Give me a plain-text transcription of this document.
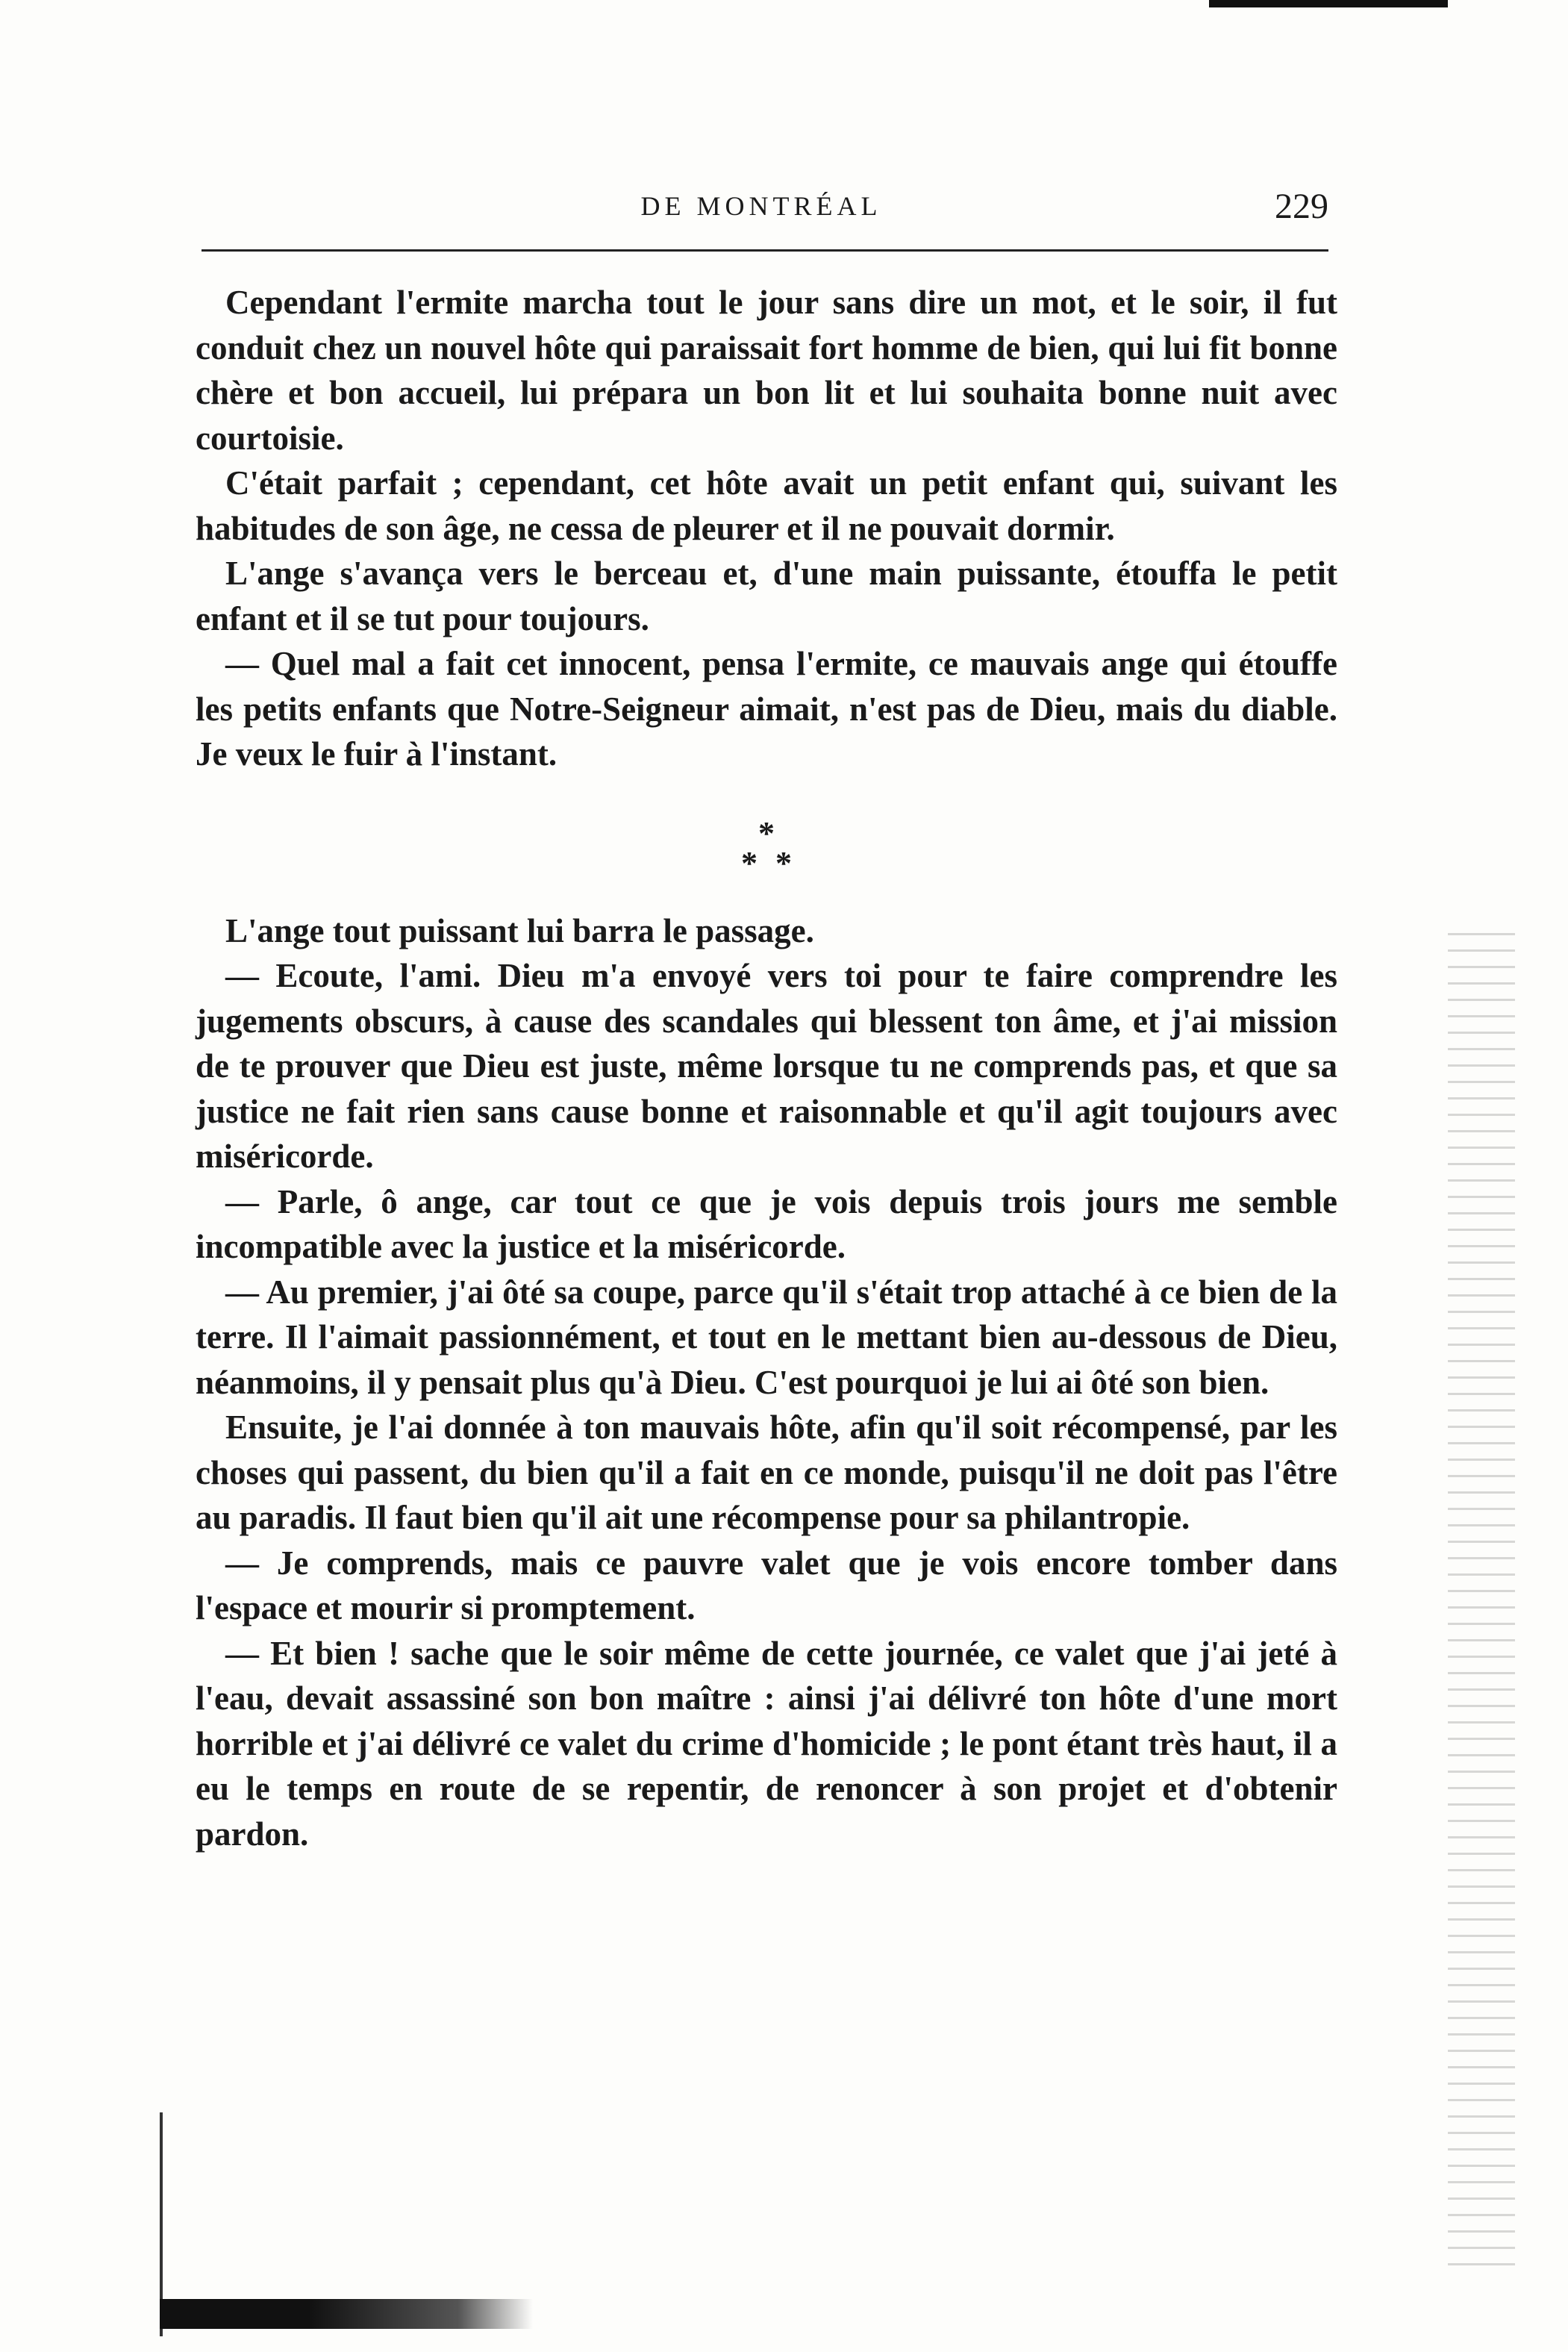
DE MONTRÉAL	229

Cependant l'ermite marcha tout le jour sans dire un mot, et le soir, il fut conduit chez un nouvel hôte qui paraissait fort homme de bien, qui lui fit bonne chère et bon accueil, lui prépara un bon lit et lui souhaita bonne nuit avec courtoisie.

C'était parfait ; cependant, cet hôte avait un petit enfant qui, suivant les habitudes de son âge, ne cessa de pleurer et il ne pouvait dormir.

L'ange s'avança vers le berceau et, d'une main puissante, étouffa le petit enfant et il se tut pour toujours.

— Quel mal a fait cet innocent, pensa l'ermite, ce mauvais ange qui étouffe les petits enfants que Notre-Seigneur aimait, n'est pas de Dieu, mais du diable. Je veux le fuir à l'instant.

*
**

L'ange tout puissant lui barra le passage.

— Ecoute, l'ami. Dieu m'a envoyé vers toi pour te faire comprendre les jugements obscurs, à cause des scandales qui blessent ton âme, et j'ai mission de te prouver que Dieu est juste, même lorsque tu ne comprends pas, et que sa justice ne fait rien sans cause bonne et raisonnable et qu'il agit toujours avec miséricorde.

— Parle, ô ange, car tout ce que je vois depuis trois jours me semble incompatible avec la justice et la miséricorde.

— Au premier, j'ai ôté sa coupe, parce qu'il s'était trop attaché à ce bien de la terre. Il l'aimait passionnément, et tout en le mettant bien au-dessous de Dieu, néanmoins, il y pensait plus qu'à Dieu. C'est pourquoi je lui ai ôté son bien.

Ensuite, je l'ai donnée à ton mauvais hôte, afin qu'il soit récompensé, par les choses qui passent, du bien qu'il a fait en ce monde, puisqu'il ne doit pas l'être au paradis. Il faut bien qu'il ait une récompense pour sa philantropie.

— Je comprends, mais ce pauvre valet que je vois encore tomber dans l'espace et mourir si promptement.

— Et bien ! sache que le soir même de cette journée, ce valet que j'ai jeté à l'eau, devait assassiné son bon maître : ainsi j'ai délivré ton hôte d'une mort horrible et j'ai délivré ce valet du crime d'homicide ; le pont étant très haut, il a eu le temps en route de se repentir, de renoncer à son projet et d'obtenir pardon.
